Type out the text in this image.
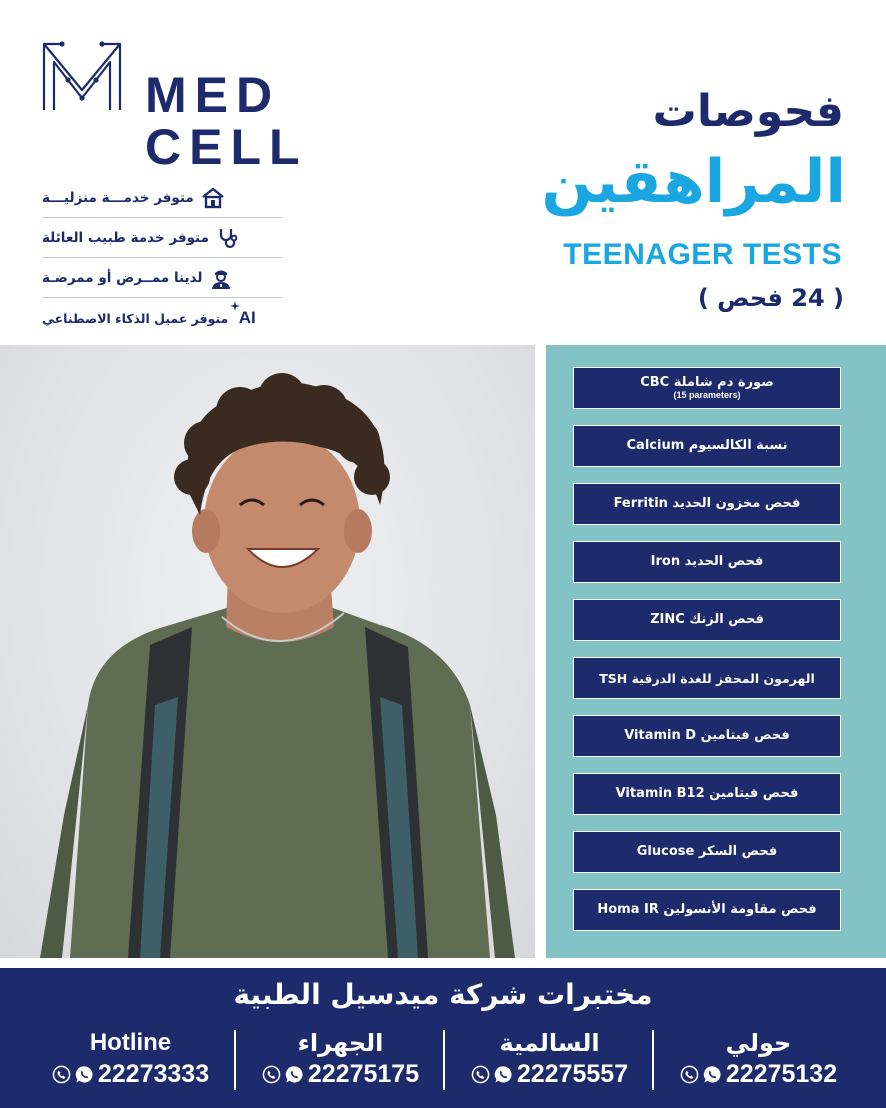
MED
CELL
متوفر خدمـــة منزليـــة
متوفر خدمة طبيب العائلة
لدينا ممــرض أو ممرضـة
AI
متوفر عميل الذكاء الاصطناعي
فحوصات
المراهقين
TEENAGER TESTS
( 24 فحص )
صورة دم شاملة CBC
(15 parameters)
نسبة الكالسيوم Calcium
فحص مخزون الحديد Ferritin
فحص الحديد Iron
فحص الزنك ZINC
الهرمون المحفز للغدة الدرقية TSH
فحص فيتامين Vitamin D
فحص فيتامين Vitamin B12
فحص السكر Glucose
فحص مقاومة الأنسولين Homa IR
مختبرات شركة ميدسيل الطبية
Hotline
22273333
الجهراء
22275175
السالمية
22275557
حولي
22275132
